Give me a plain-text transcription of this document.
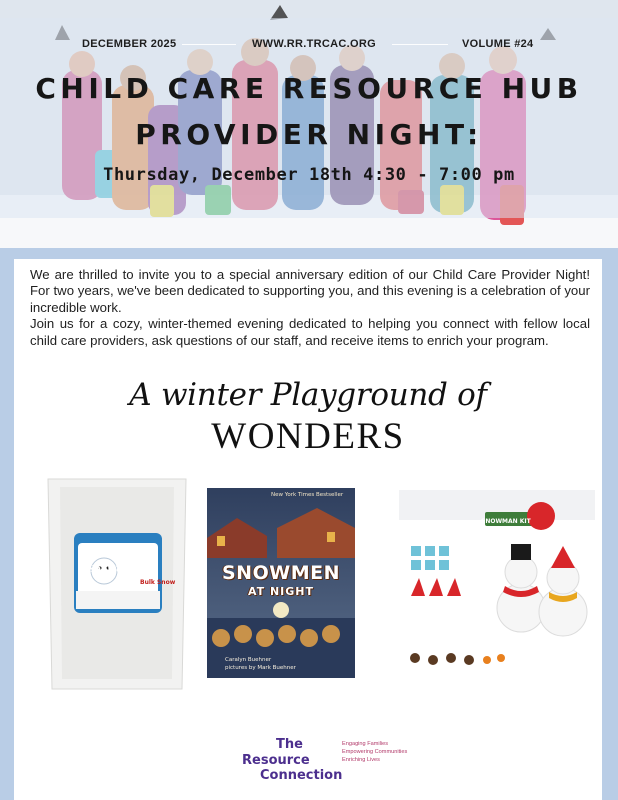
DECEMBER 2025	WWW.RR.TRCAC.ORG	VOLUME #24
CHILD CARE RESOURCE HUB
PROVIDER NIGHT:
Thursday, December 18th 4:30 - 7:00 pm

We are thrilled to invite you to a special anniversary edition of our Child Care Provider Night! For two years, we've been dedicated to supporting you, and this evening is a celebration of your incredible work.

Join us for a cozy, winter-themed evening dedicated to helping you connect with fellow local child care providers, ask questions of our staff, and receive items to enrich your program.

A winter Playground of
WONDERS
SnoWonder
Bulk Snow
New York Times Bestseller
SNOWMEN
AT NIGHT
Caralyn Buehner
pictures by Mark Buehner
SNOWMAN KIT
The
Resource
Connection
Engaging Families
Empowering Communities
Enriching Lives
